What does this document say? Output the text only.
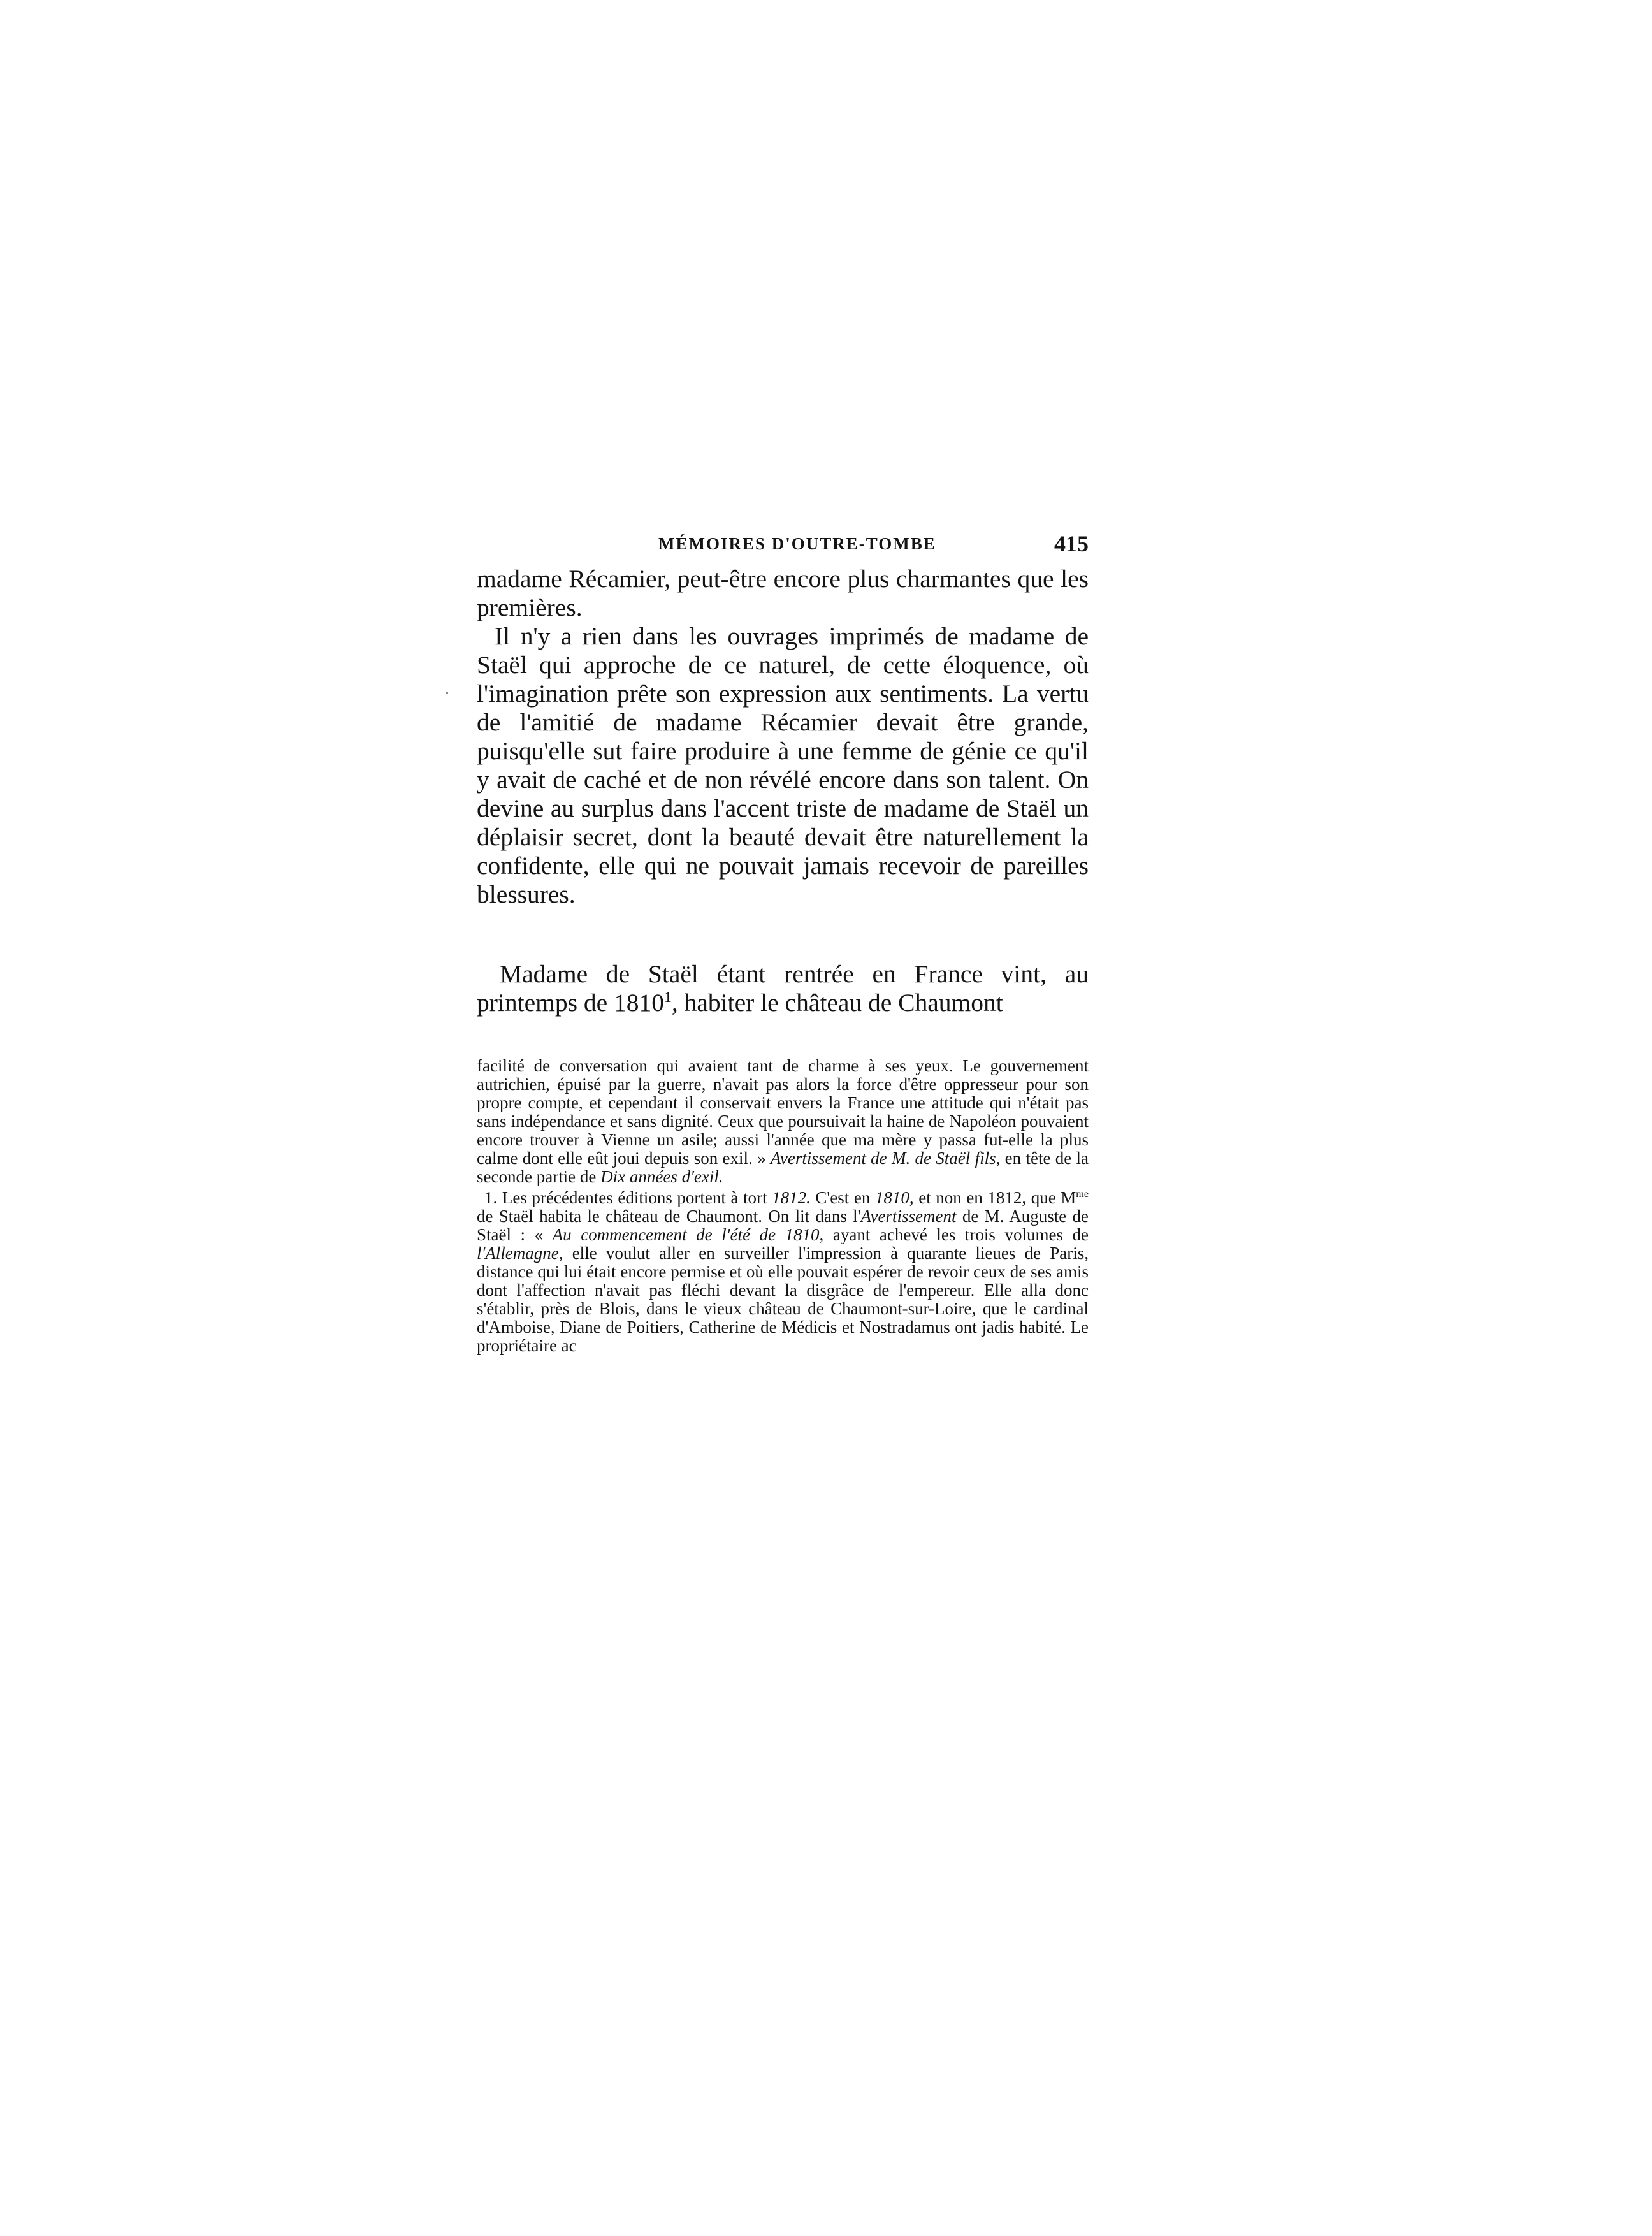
MÉMOIRES D'OUTRE-TOMBE	415

madame Récamier, peut-être encore plus charmantes que les premières.

Il n'y a rien dans les ouvrages imprimés de madame de Staël qui approche de ce naturel, de cette éloquence, où l'imagination prête son expression aux sentiments. La vertu de l'amitié de madame Récamier devait être grande, puisqu'elle sut faire produire à une femme de génie ce qu'il y avait de caché et de non révélé encore dans son talent. On devine au surplus dans l'accent triste de madame de Staël un déplaisir secret, dont la beauté devait être naturellement la confidente, elle qui ne pouvait jamais recevoir de pareilles blessures.

Madame de Staël étant rentrée en France vint, au printemps de 1810$^1$, habiter le château de Chaumont

facilité de conversation qui avaient tant de charme à ses yeux. Le gouvernement autrichien, épuisé par la guerre, n'avait pas alors la force d'être oppresseur pour son propre compte, et cependant il conservait envers la France une attitude qui n'était pas sans indépendance et sans dignité. Ceux que poursuivait la haine de Napoléon pouvaient encore trouver à Vienne un asile; aussi l'année que ma mère y passa fut-elle la plus calme dont elle eût joui depuis son exil. » Avertissement de M. de Staël fils, en tête de la seconde partie de Dix années d'exil.

1. Les précédentes éditions portent à tort 1812. C'est en 1810, et non en 1812, que $M^{me}$ de Staël habita le château de Chaumont. On lit dans l'Avertissement de M. Auguste de Staël : « Au commencement de l'été de 1810, ayant achevé les trois volumes de l'Allemagne, elle voulut aller en surveiller l'impression à quarante lieues de Paris, distance qui lui était encore permise et où elle pouvait espérer de revoir ceux de ses amis dont l'affection n'avait pas fléchi devant la disgrâce de l'empereur. Elle alla donc s'établir, près de Blois, dans le vieux château de Chaumont-sur-Loire, que le cardinal d'Amboise, Diane de Poitiers, Catherine de Médicis et Nostradamus ont jadis habité. Le propriétaire ac
